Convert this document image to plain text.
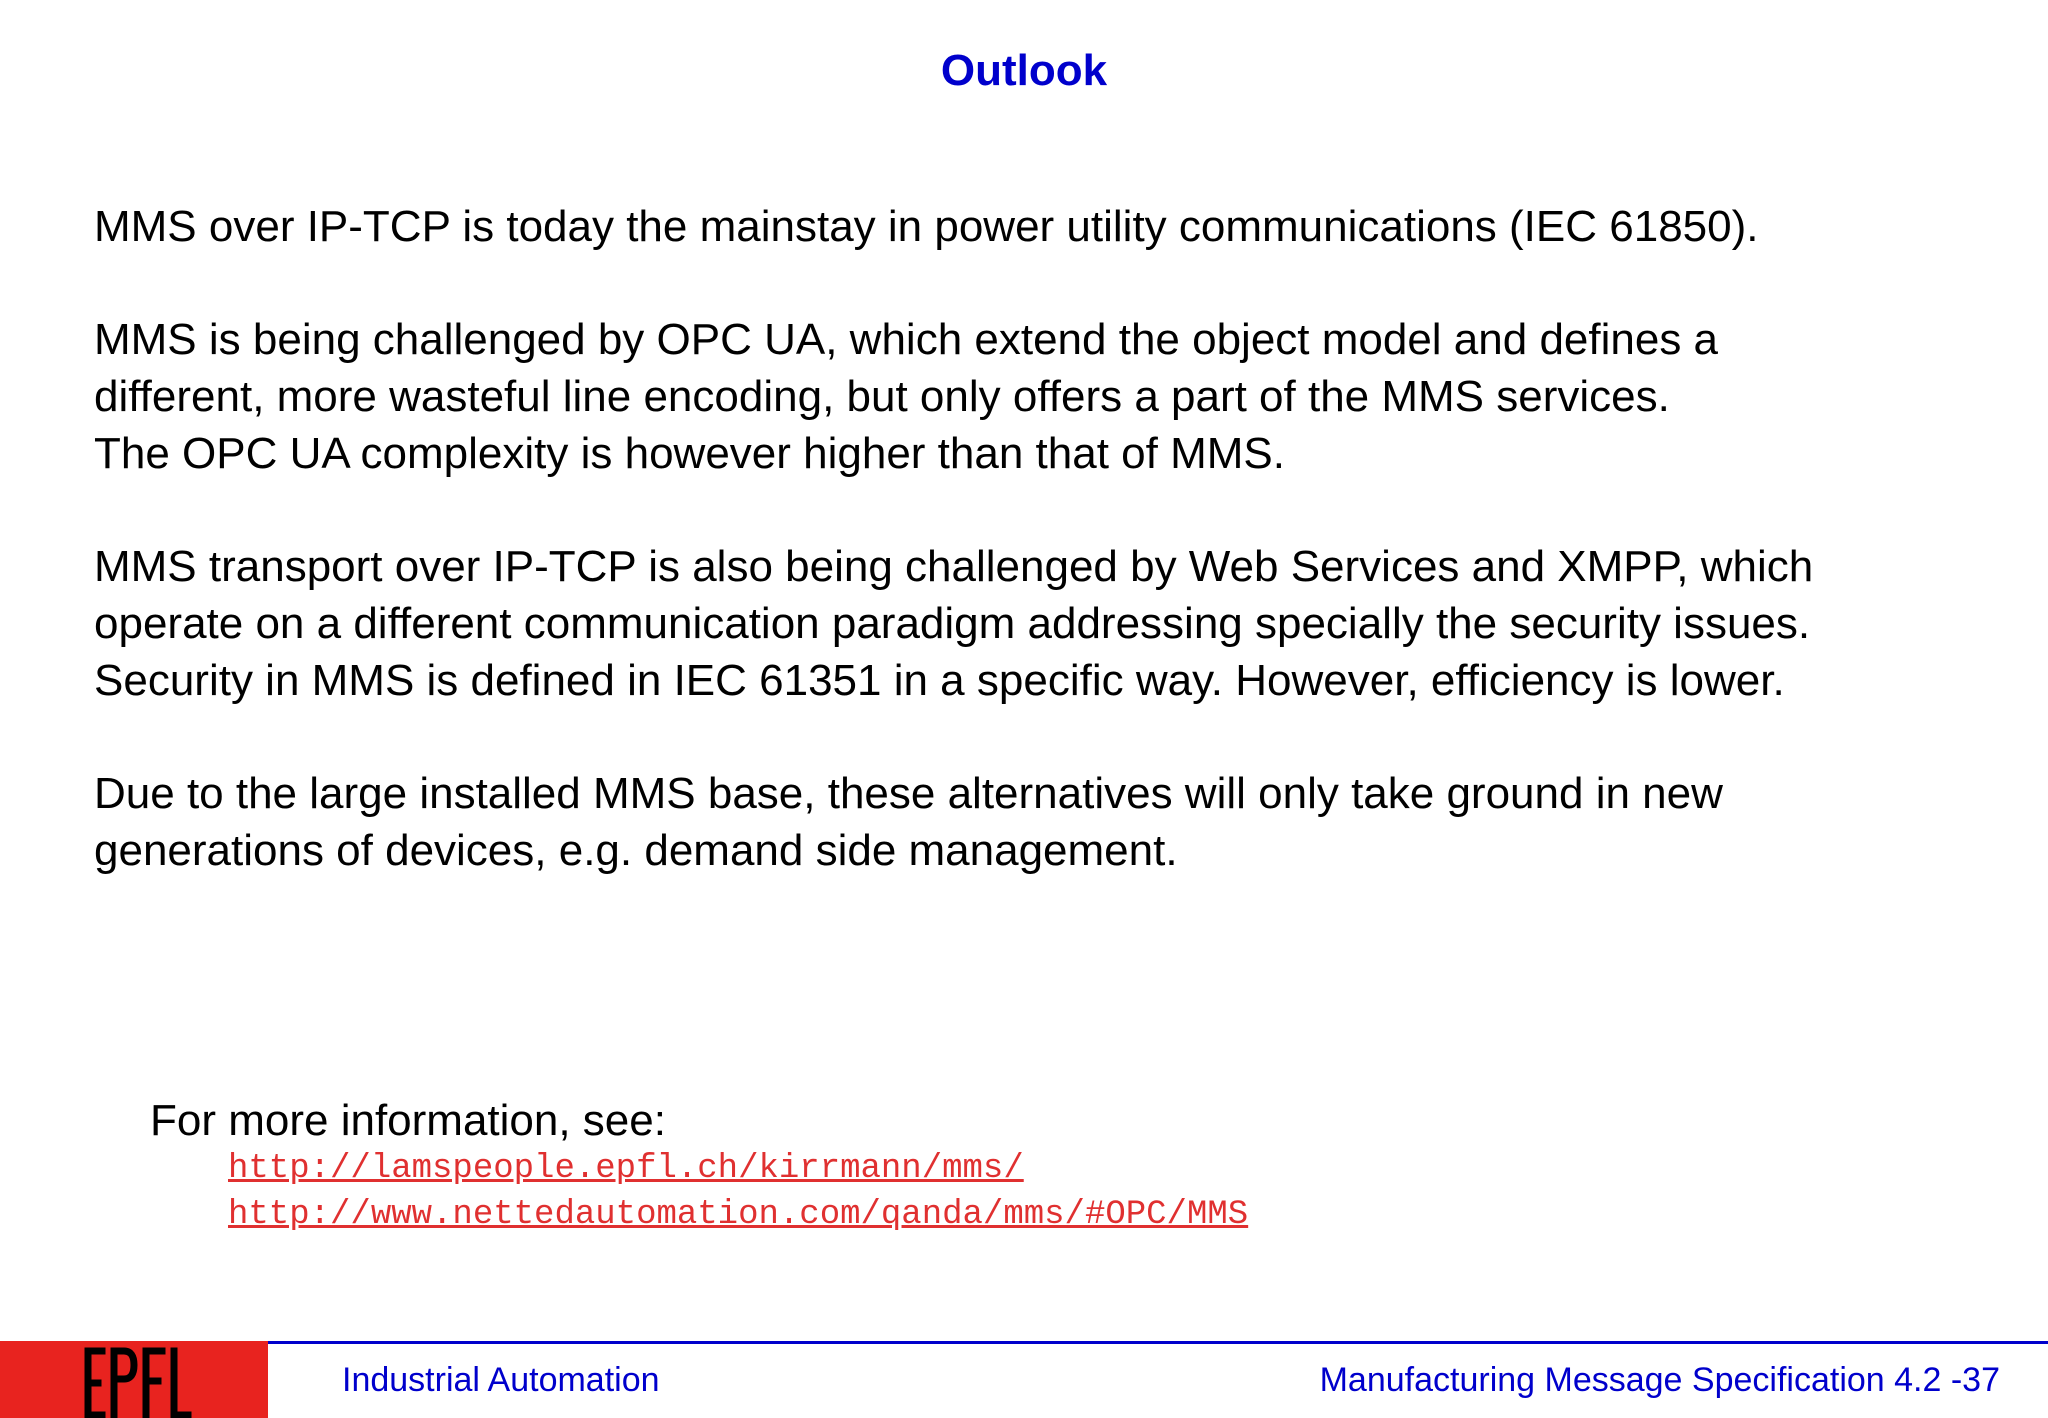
Outlook

MMS over IP-TCP is today the mainstay in power utility communications (IEC 61850).

MMS is being challenged by OPC UA, which extend the object model and defines a
different, more wasteful line encoding, but only offers a part of the MMS services.
The OPC UA complexity is however higher than that of MMS.

MMS transport over IP-TCP is also being challenged by Web Services and XMPP, which
operate on a different communication paradigm addressing specially the security issues.
Security in MMS is defined in IEC 61351 in a specific way. However, efficiency is lower.

Due to the large installed MMS base, these alternatives will only take ground in new
generations of devices, e.g. demand side management.

For more information, see:
http://lamspeople.epfl.ch/kirrmann/mms/
http://www.nettedautomation.com/qanda/mms/#OPC/MMS
Industrial Automation	Manufacturing Message Specification 4.2 -37
